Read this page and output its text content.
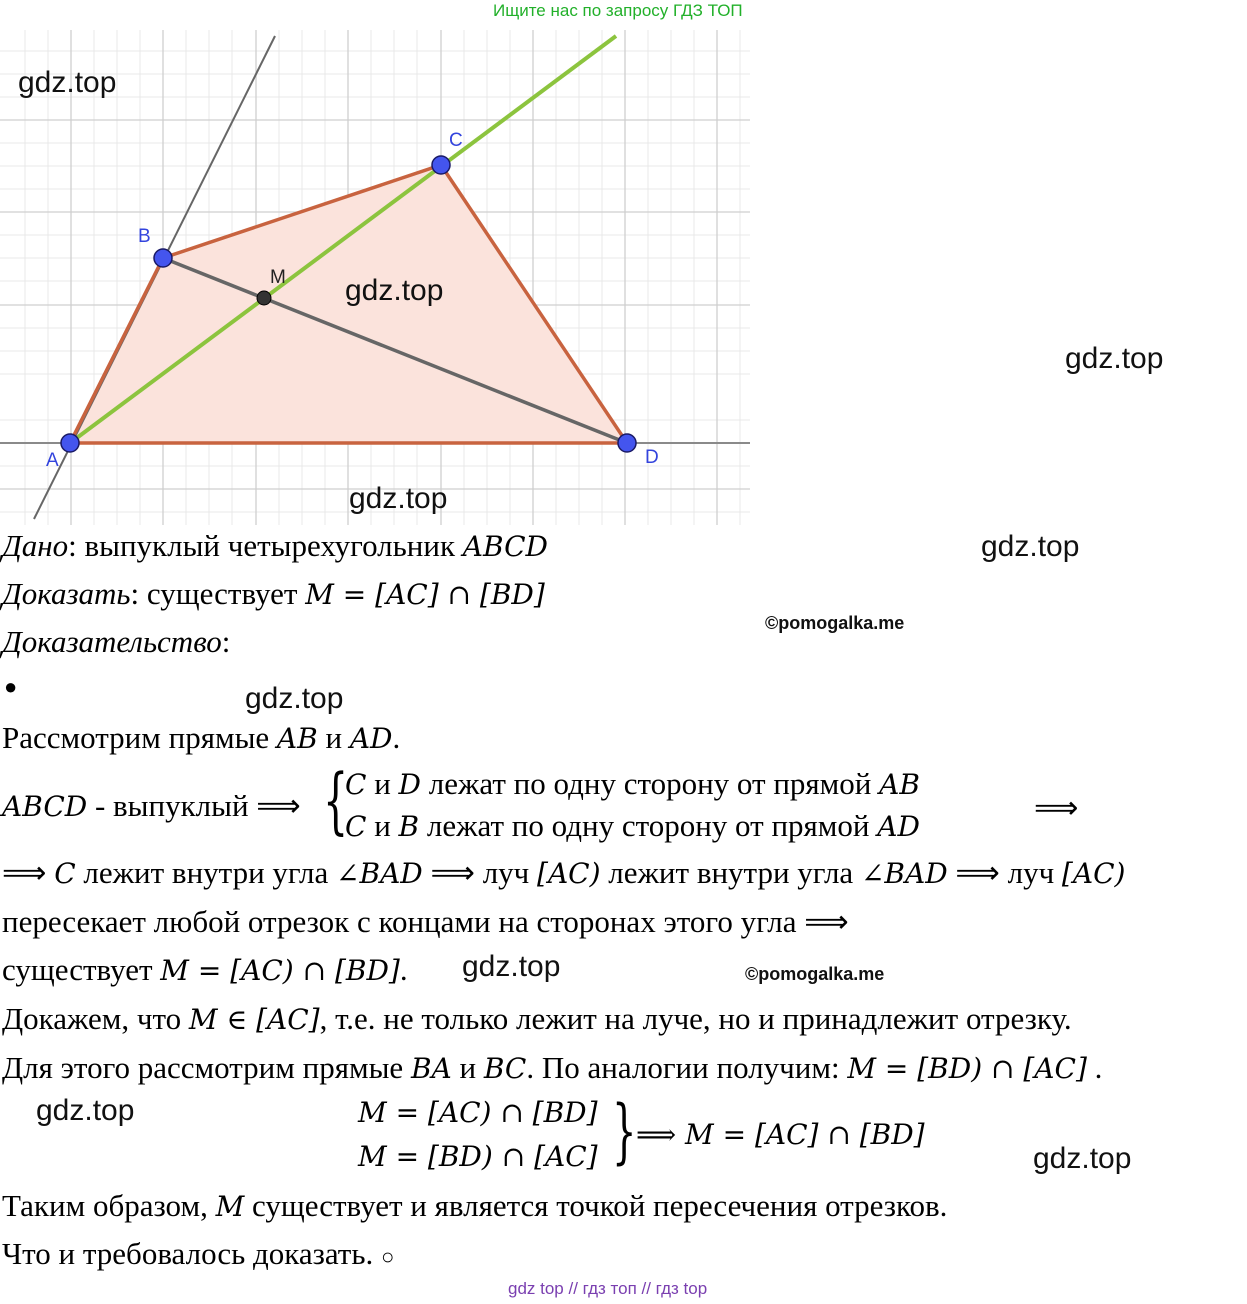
Ищите нас по запросу ГДЗ ТОП
A
B
C
D
M
gdz.top
gdz.top
gdz.top
gdz.top
gdz.top
gdz.top
gdz.top
gdz.top
gdz.top
©pomogalka.me
©pomogalka.me
Дано: выпуклый четырехугольник ABCD
Доказать: существует M = [AC] ∩ [BD]
Доказательство:
●
Рассмотрим прямые AB и AD.
ABCD - выпуклый ⟹ {
C и D лежат по одну сторону от прямой AB
C и B лежат по одну сторону от прямой AD
⟹
⟹ C лежит внутри угла ∠BAD ⟹ луч [AC) лежит внутри угла ∠BAD ⟹ луч [AC)
пересекает любой отрезок с концами на сторонах этого угла ⟹
существует M = [AC) ∩ [BD].
Докажем, что M ∈ [AC], т.е. не только лежит на луче, но и принадлежит отрезку.
Для этого рассмотрим прямые BA и BC. По аналогии получим: M = [BD) ∩ [AC] .
M = [AC) ∩ [BD]
M = [BD) ∩ [AC] } ⟹ M = [AC] ∩ [BD]
Таким образом, M существует и является точкой пересечения отрезков.
Что и требовалось доказать. ○
gdz top // гдз топ // гдз top
